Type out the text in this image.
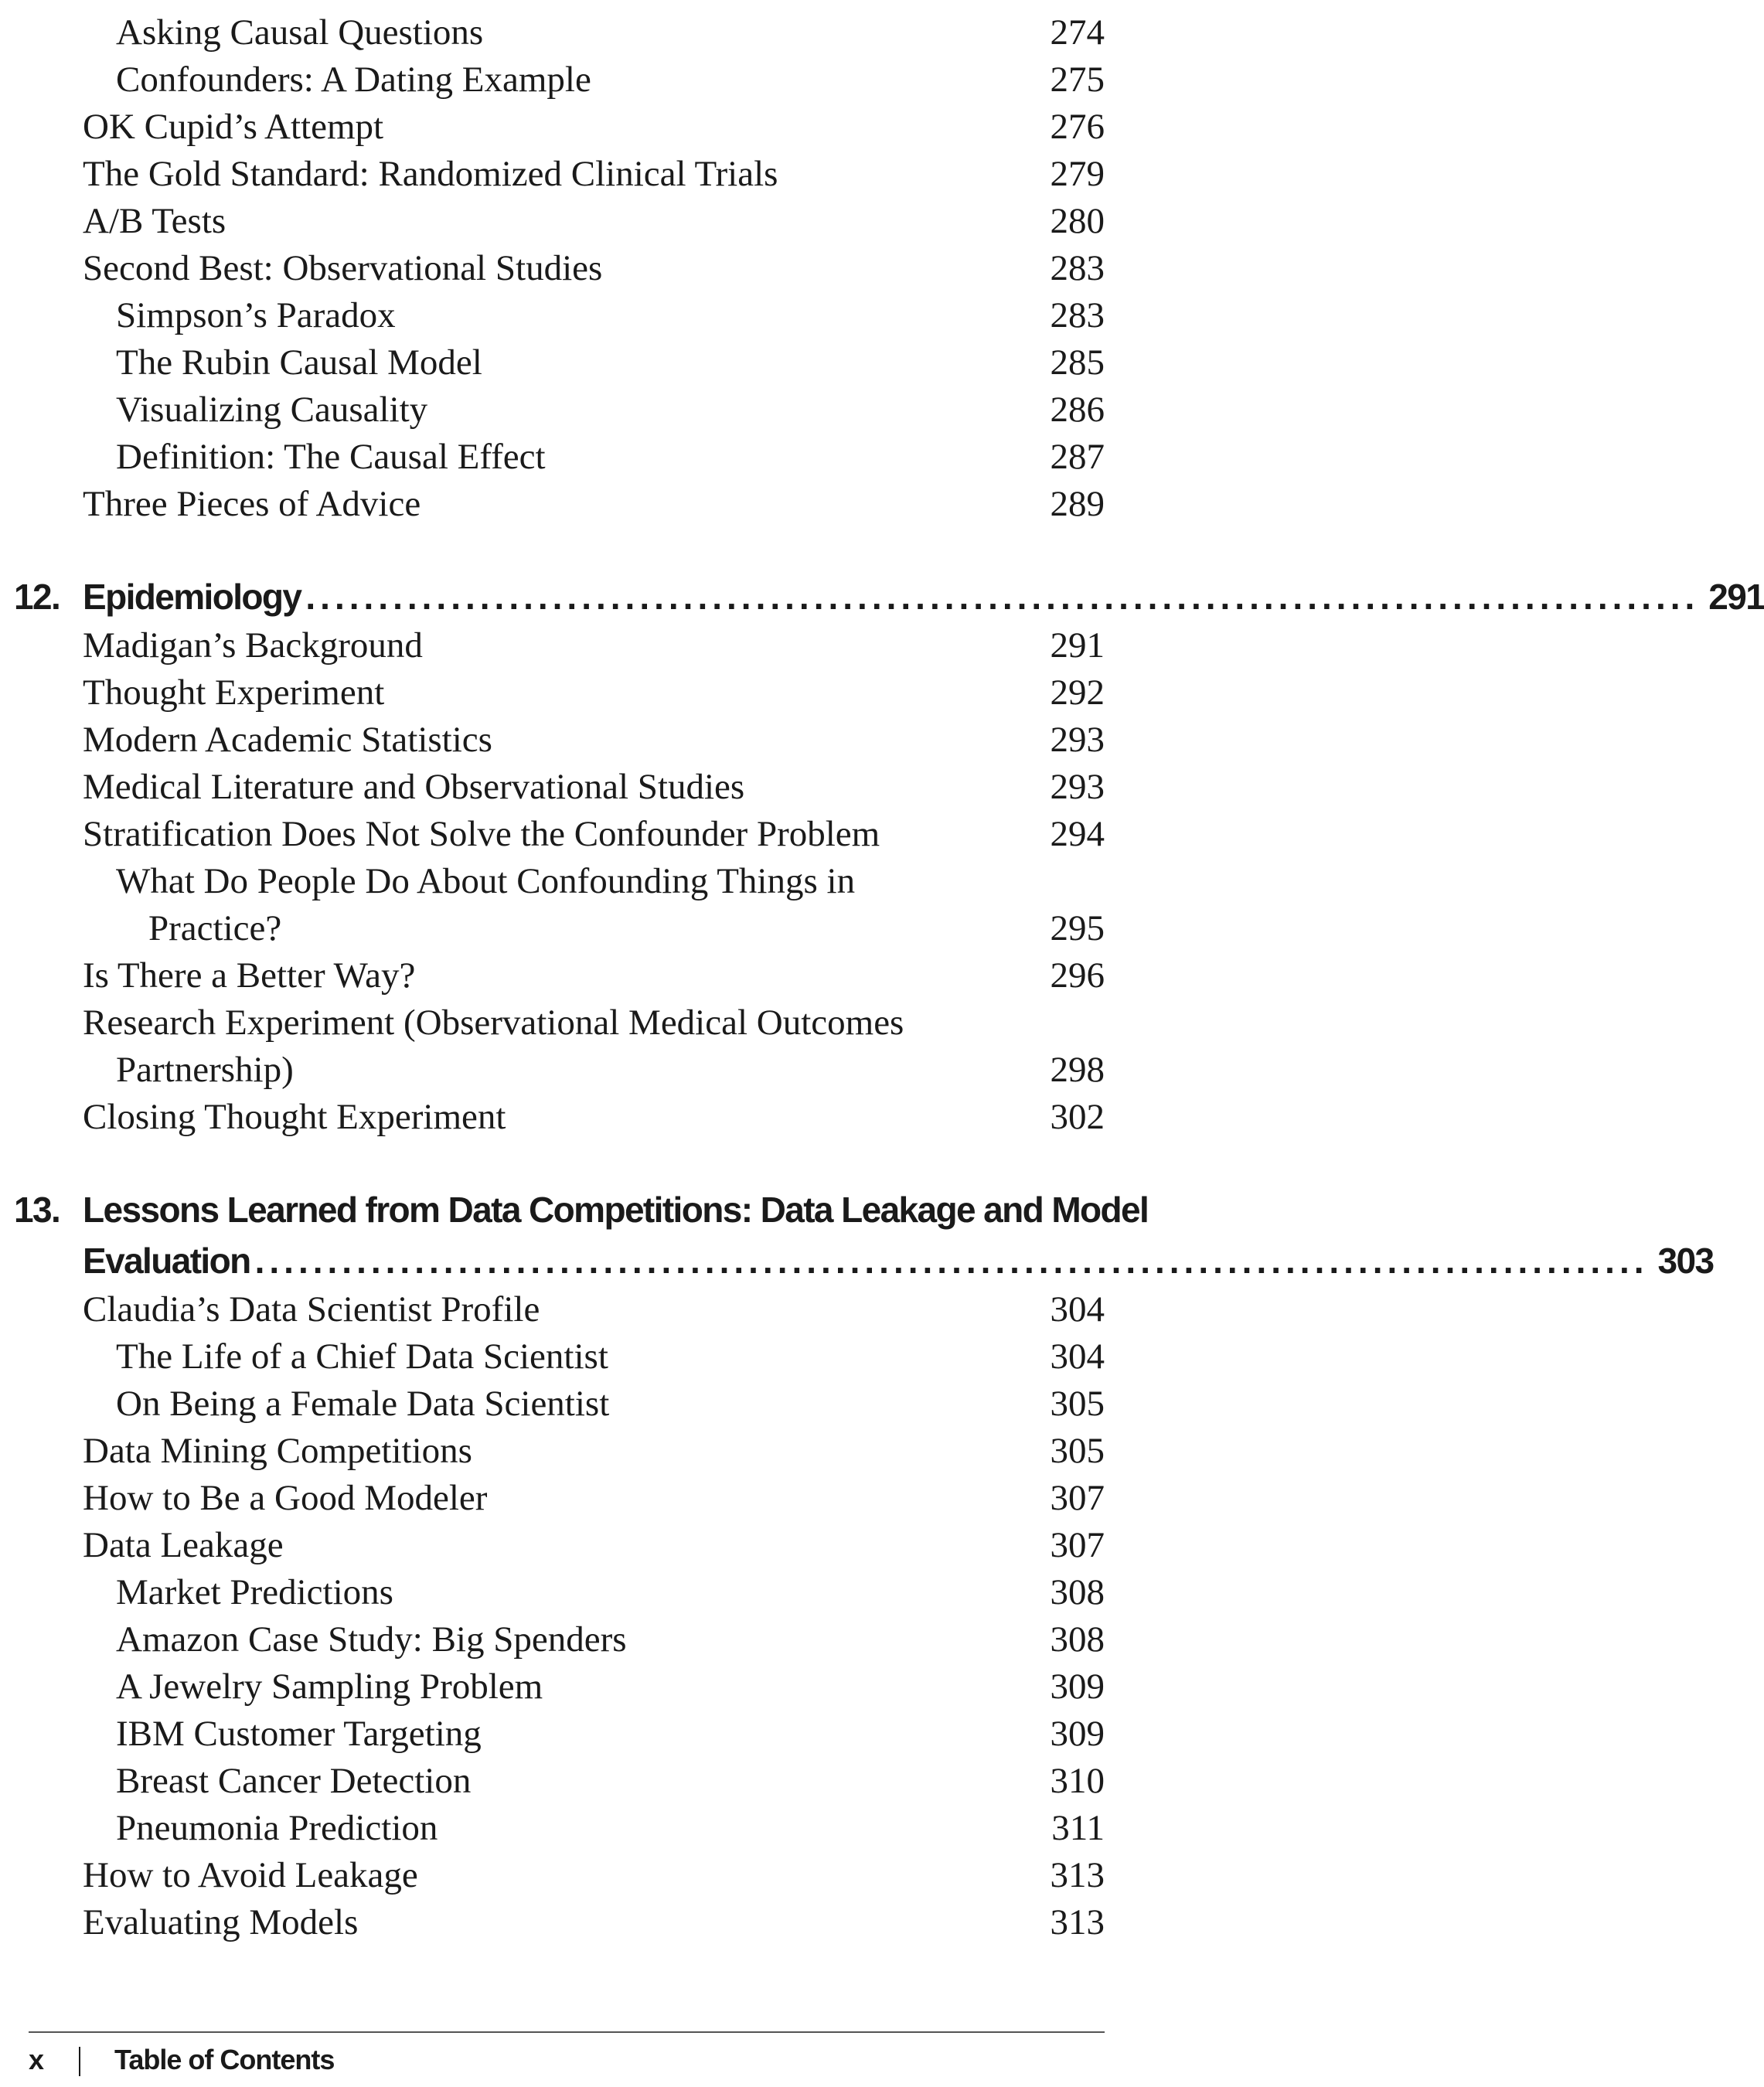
Asking Causal Questions	274
Confounders: A Dating Example	275
OK Cupid’s Attempt	276
The Gold Standard: Randomized Clinical Trials	279
A/B Tests	280
Second Best: Observational Studies	283
Simpson’s Paradox	283
The Rubin Causal Model	285
Visualizing Causality	286
Definition: The Causal Effect	287
Three Pieces of Advice	289
12. Epidemiology ................................................................................................ 291
Madigan’s Background	291
Thought Experiment	292
Modern Academic Statistics	293
Medical Literature and Observational Studies	293
Stratification Does Not Solve the Confounder Problem	294
What Do People Do About Confounding Things in
Practice?	295
Is There a Better Way?	296
Research Experiment (Observational Medical Outcomes
Partnership)	298
Closing Thought Experiment	302
13. Lessons Learned from Data Competitions: Data Leakage and Model
Evaluation ................................................................................................ 303
Claudia’s Data Scientist Profile	304
The Life of a Chief Data Scientist	304
On Being a Female Data Scientist	305
Data Mining Competitions	305
How to Be a Good Modeler	307
Data Leakage	307
Market Predictions	308
Amazon Case Study: Big Spenders	308
A Jewelry Sampling Problem	309
IBM Customer Targeting	309
Breast Cancer Detection	310
Pneumonia Prediction	311
How to Avoid Leakage	313
Evaluating Models	313
x	Table of Contents
